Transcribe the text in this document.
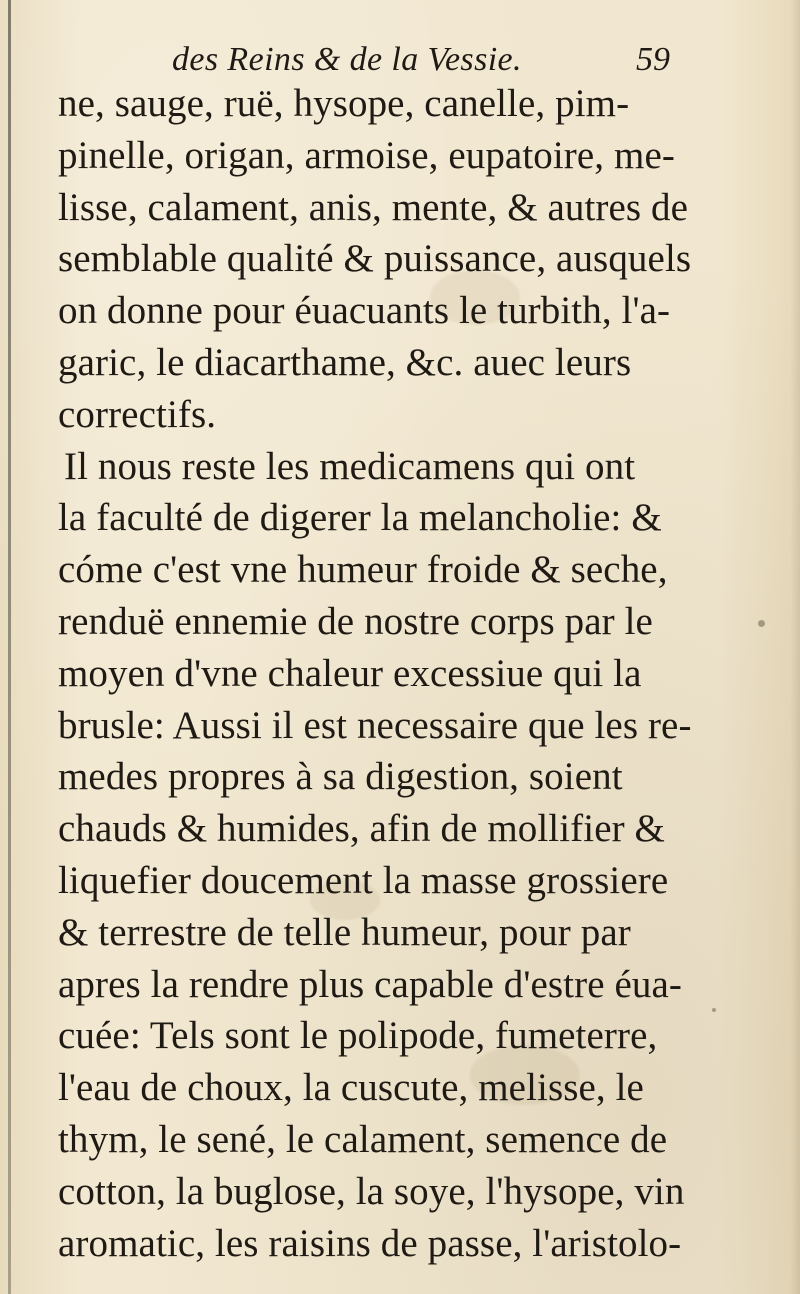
des Reins & de la Vessie.	59
ne, sauge, ruë, hysope, canelle, pim-
pinelle, origan, armoise, eupatoire, me-
lisse, calament, anis, mente, & autres de
semblable qualité & puissance, ausquels
on donne pour éuacuants le turbith, l'a-
garic, le diacarthame, &c. auec leurs
correctifs.
Il nous reste les medicamens qui ont
la faculté de digerer la melancholie: &
cóme c'est vne humeur froide & seche,
renduë ennemie de nostre corps par le
moyen d'vne chaleur excessiue qui la
brusle: Aussi il est necessaire que les re-
medes propres à sa digestion, soient
chauds & humides, afin de mollifier &
liquefier doucement la masse grossiere
& terrestre de telle humeur, pour par
apres la rendre plus capable d'estre éua-
cuée: Tels sont le polipode, fumeterre,
l'eau de choux, la cuscute, melisse, le
thym, le sené, le calament, semence de
cotton, la buglose, la soye, l'hysope, vin
aromatic, les raisins de passe, l'aristolo-
